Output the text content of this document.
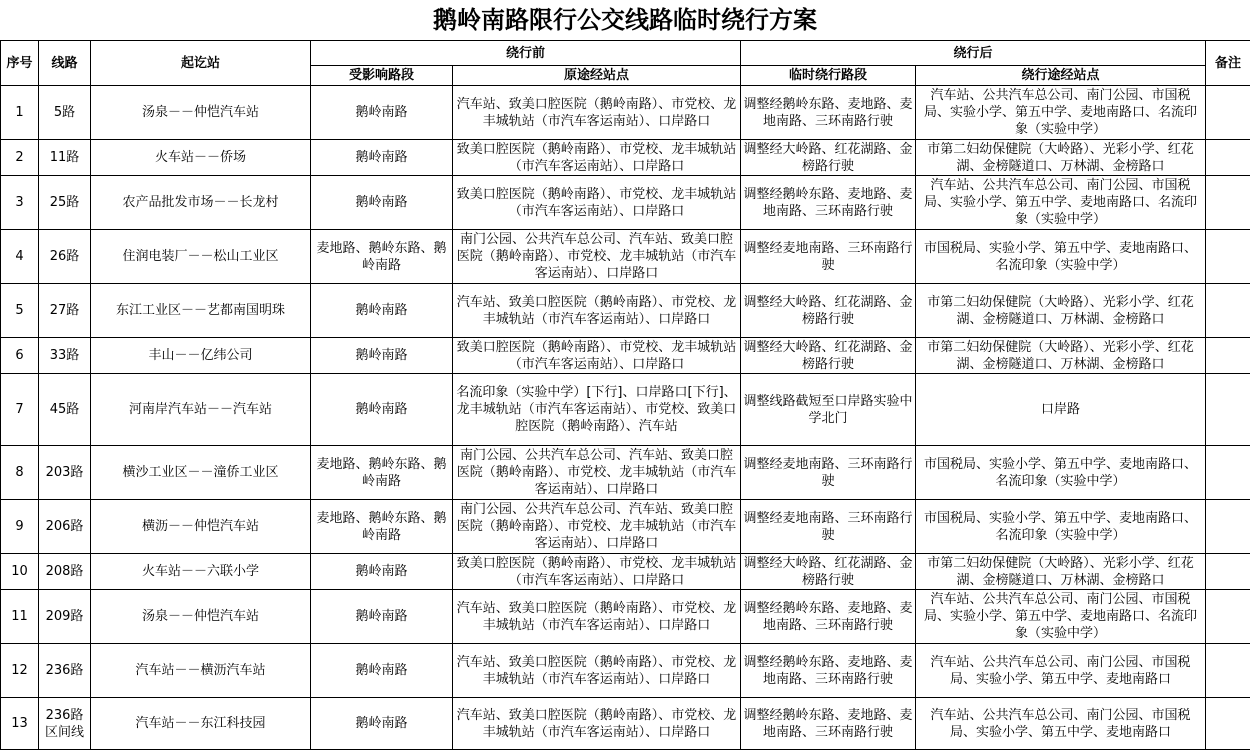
鹅岭南路限行公交线路临时绕行方案
序号	线路	起讫站	绕行前		绕行后		备注
			受影响路段	原途经站点	临时绕行路段	绕行途经站点	
1	5路	汤泉－－仲恺汽车站	鹅岭南路	汽车站、致美口腔医院（鹅岭南路）、市党校、龙丰城轨站（市汽车客运南站）、口岸路口	调整经鹅岭东路、麦地路、麦地南路、三环南路行驶	汽车站、公共汽车总公司、南门公园、市国税局、实验小学、第五中学、麦地南路口、名流印象（实验中学）	
2	11路	火车站－－侨场	鹅岭南路	致美口腔医院（鹅岭南路）、市党校、龙丰城轨站（市汽车客运南站）、口岸路口	调整经大岭路、红花湖路、金榜路行驶	市第二妇幼保健院（大岭路）、光彩小学、红花湖、金榜隧道口、万林湖、金榜路口	
3	25路	农产品批发市场－－长龙村	鹅岭南路	致美口腔医院（鹅岭南路）、市党校、龙丰城轨站（市汽车客运南站）、口岸路口	调整经鹅岭东路、麦地路、麦地南路、三环南路行驶	汽车站、公共汽车总公司、南门公园、市国税局、实验小学、第五中学、麦地南路口、名流印象（实验中学）	
4	26路	住润电装厂－－松山工业区	麦地路、鹅岭东路、鹅岭南路	南门公园、公共汽车总公司、汽车站、致美口腔医院（鹅岭南路）、市党校、龙丰城轨站（市汽车客运南站）、口岸路口	调整经麦地南路、三环南路行驶	市国税局、实验小学、第五中学、麦地南路口、名流印象（实验中学）	
5	27路	东江工业区－－艺都南国明珠	鹅岭南路	汽车站、致美口腔医院（鹅岭南路）、市党校、龙丰城轨站（市汽车客运南站）、口岸路口	调整经大岭路、红花湖路、金榜路行驶	市第二妇幼保健院（大岭路）、光彩小学、红花湖、金榜隧道口、万林湖、金榜路口	
6	33路	丰山－－亿纬公司	鹅岭南路	致美口腔医院（鹅岭南路）、市党校、龙丰城轨站（市汽车客运南站）、口岸路口	调整经大岭路、红花湖路、金榜路行驶	市第二妇幼保健院（大岭路）、光彩小学、红花湖、金榜隧道口、万林湖、金榜路口	
7	45路	河南岸汽车站－－汽车站	鹅岭南路	名流印象（实验中学）[下行]、口岸路口[下行]、龙丰城轨站（市汽车客运南站）、市党校、致美口腔医院（鹅岭南路）、汽车站	调整线路截短至口岸路实验中学北门	口岸路	
8	203路	横沙工业区－－潼侨工业区	麦地路、鹅岭东路、鹅岭南路	南门公园、公共汽车总公司、汽车站、致美口腔医院（鹅岭南路）、市党校、龙丰城轨站（市汽车客运南站）、口岸路口	调整经麦地南路、三环南路行驶	市国税局、实验小学、第五中学、麦地南路口、名流印象（实验中学）	
9	206路	横沥－－仲恺汽车站	麦地路、鹅岭东路、鹅岭南路	南门公园、公共汽车总公司、汽车站、致美口腔医院（鹅岭南路）、市党校、龙丰城轨站（市汽车客运南站）、口岸路口	调整经麦地南路、三环南路行驶	市国税局、实验小学、第五中学、麦地南路口、名流印象（实验中学）	
10	208路	火车站－－六联小学	鹅岭南路	致美口腔医院（鹅岭南路）、市党校、龙丰城轨站（市汽车客运南站）、口岸路口	调整经大岭路、红花湖路、金榜路行驶	市第二妇幼保健院（大岭路）、光彩小学、红花湖、金榜隧道口、万林湖、金榜路口	
11	209路	汤泉－－仲恺汽车站	鹅岭南路	汽车站、致美口腔医院（鹅岭南路）、市党校、龙丰城轨站（市汽车客运南站）、口岸路口	调整经鹅岭东路、麦地路、麦地南路、三环南路行驶	汽车站、公共汽车总公司、南门公园、市国税局、实验小学、第五中学、麦地南路口、名流印象（实验中学）	
12	236路	汽车站－－横沥汽车站	鹅岭南路	汽车站、致美口腔医院（鹅岭南路）、市党校、龙丰城轨站（市汽车客运南站）、口岸路口	调整经鹅岭东路、麦地路、麦地南路、三环南路行驶	汽车站、公共汽车总公司、南门公园、市国税局、实验小学、第五中学、麦地南路口	
13	236路区间线	汽车站－－东江科技园	鹅岭南路	汽车站、致美口腔医院（鹅岭南路）、市党校、龙丰城轨站（市汽车客运南站）、口岸路口	调整经鹅岭东路、麦地路、麦地南路、三环南路行驶	汽车站、公共汽车总公司、南门公园、市国税局、实验小学、第五中学、麦地南路口	
